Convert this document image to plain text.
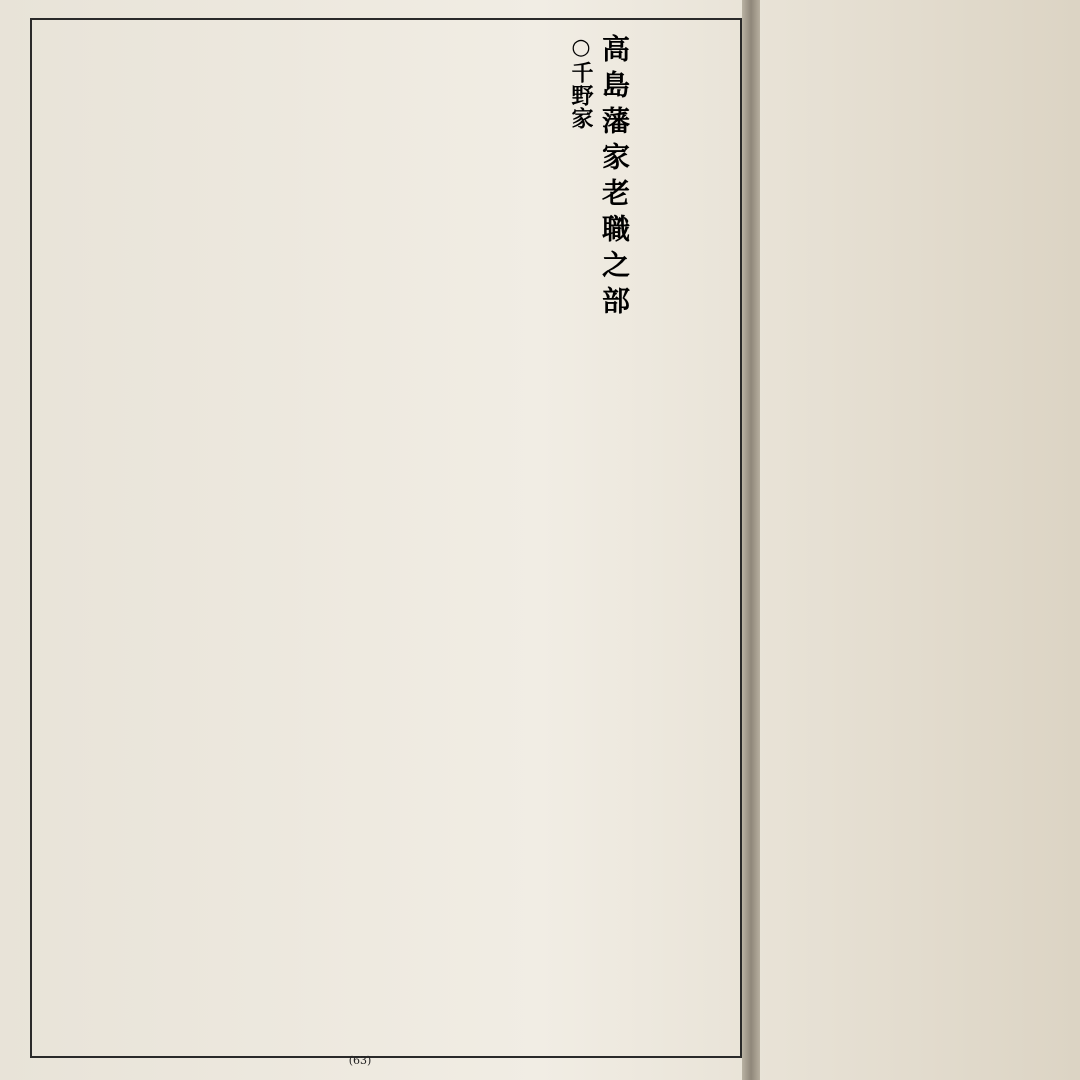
高島藩家老職之部
○千野家
(63)
